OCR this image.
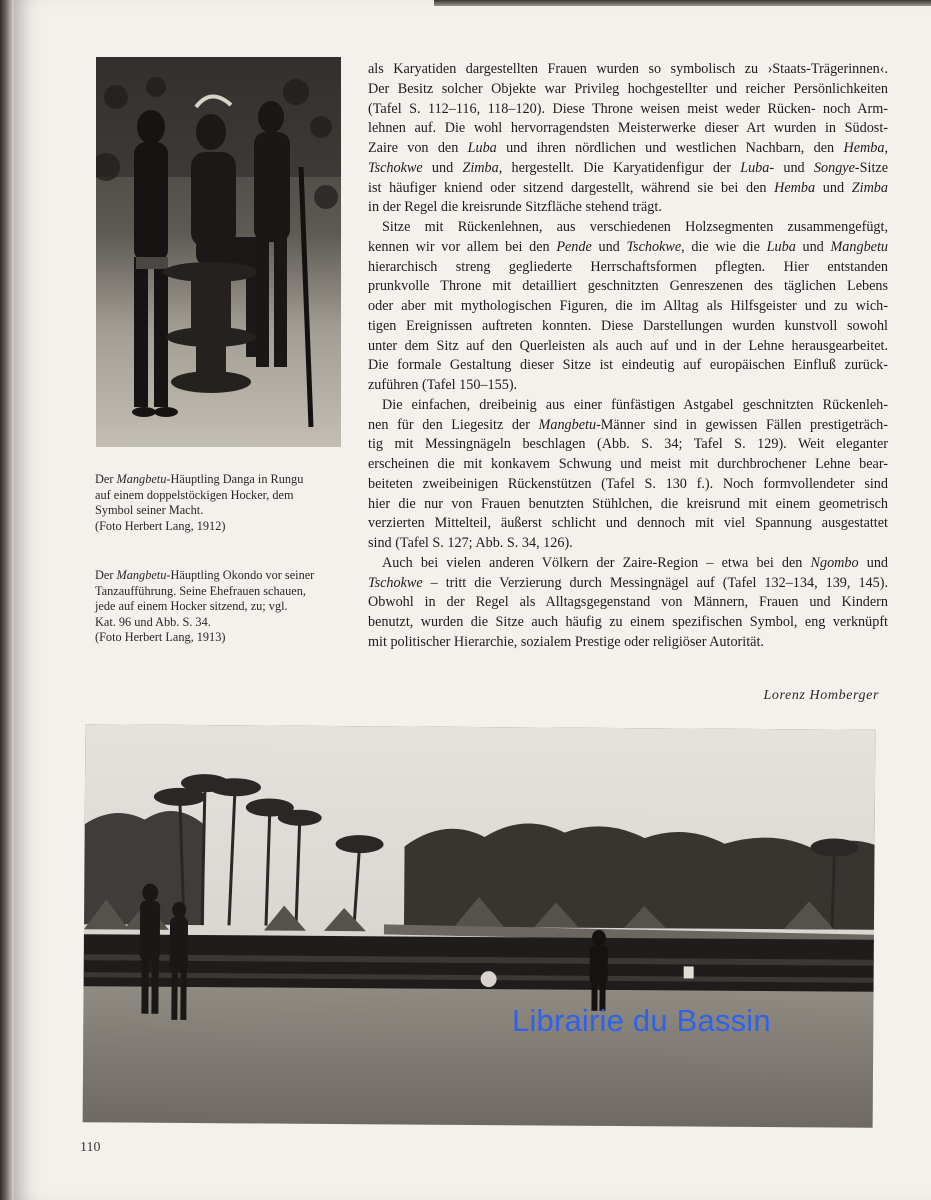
Der Mangbetu-Häuptling Danga in Rungu
auf einem doppelstöckigen Hocker, dem
Symbol seiner Macht.
(Foto Herbert Lang, 1912)
Der Mangbetu-Häuptling Okondo vor seiner
Tanzaufführung. Seine Ehefrauen schauen,
jede auf einem Hocker sitzend, zu; vgl.
Kat. 96 und Abb. S. 34.
(Foto Herbert Lang, 1913)
als Karyatiden dargestellten Frauen wurden so symbolisch zu ›Staats-Trägerinnen‹.
Der Besitz solcher Objekte war Privileg hochgestellter und reicher Persönlichkeiten
(Tafel S. 112–116, 118–120). Diese Throne weisen meist weder Rücken- noch Arm-
lehnen auf. Die wohl hervorragendsten Meisterwerke dieser Art wurden in Südost-
Zaire von den Luba und ihren nördlichen und westlichen Nachbarn, den Hemba,
Tschokwe und Zimba, hergestellt. Die Karyatidenfigur der Luba- und Songye-Sitze
ist häufiger kniend oder sitzend dargestellt, während sie bei den Hemba und Zimba
in der Regel die kreisrunde Sitzfläche stehend trägt.
Sitze mit Rückenlehnen, aus verschiedenen Holzsegmenten zusammengefügt,
kennen wir vor allem bei den Pende und Tschokwe, die wie die Luba und Mangbetu
hierarchisch streng gegliederte Herrschaftsformen pflegten. Hier entstanden
prunkvolle Throne mit detailliert geschnitzten Genreszenen des täglichen Lebens
oder aber mit mythologischen Figuren, die im Alltag als Hilfsgeister und zu wich-
tigen Ereignissen auftreten konnten. Diese Darstellungen wurden kunstvoll sowohl
unter dem Sitz auf den Querleisten als auch auf und in der Lehne herausgearbeitet.
Die formale Gestaltung dieser Sitze ist eindeutig auf europäischen Einfluß zurück-
zuführen (Tafel 150–155).
Die einfachen, dreibeinig aus einer fünfästigen Astgabel geschnitzten Rückenleh-
nen für den Liegesitz der Mangbetu-Männer sind in gewissen Fällen prestigeträch-
tig mit Messingnägeln beschlagen (Abb. S. 34; Tafel S. 129). Weit eleganter
erscheinen die mit konkavem Schwung und meist mit durchbrochener Lehne bear-
beiteten zweibeinigen Rückenstützen (Tafel S. 130 f.). Noch formvollendeter sind
hier die nur von Frauen benutzten Stühlchen, die kreisrund mit einem geometrisch
verzierten Mittelteil, äußerst schlicht und dennoch mit viel Spannung ausgestattet
sind (Tafel S. 127; Abb. S. 34, 126).
Auch bei vielen anderen Völkern der Zaire-Region – etwa bei den Ngombo und
Tschokwe – tritt die Verzierung durch Messingnägel auf (Tafel 132–134, 139, 145).
Obwohl in der Regel als Alltagsgegenstand von Männern, Frauen und Kindern
benutzt, wurden die Sitze auch häufig zu einem spezifischen Symbol, eng verknüpft
mit politischer Hierarchie, sozialem Prestige oder religiöser Autorität.
Lorenz Homberger
Librairie du Bassin
110
